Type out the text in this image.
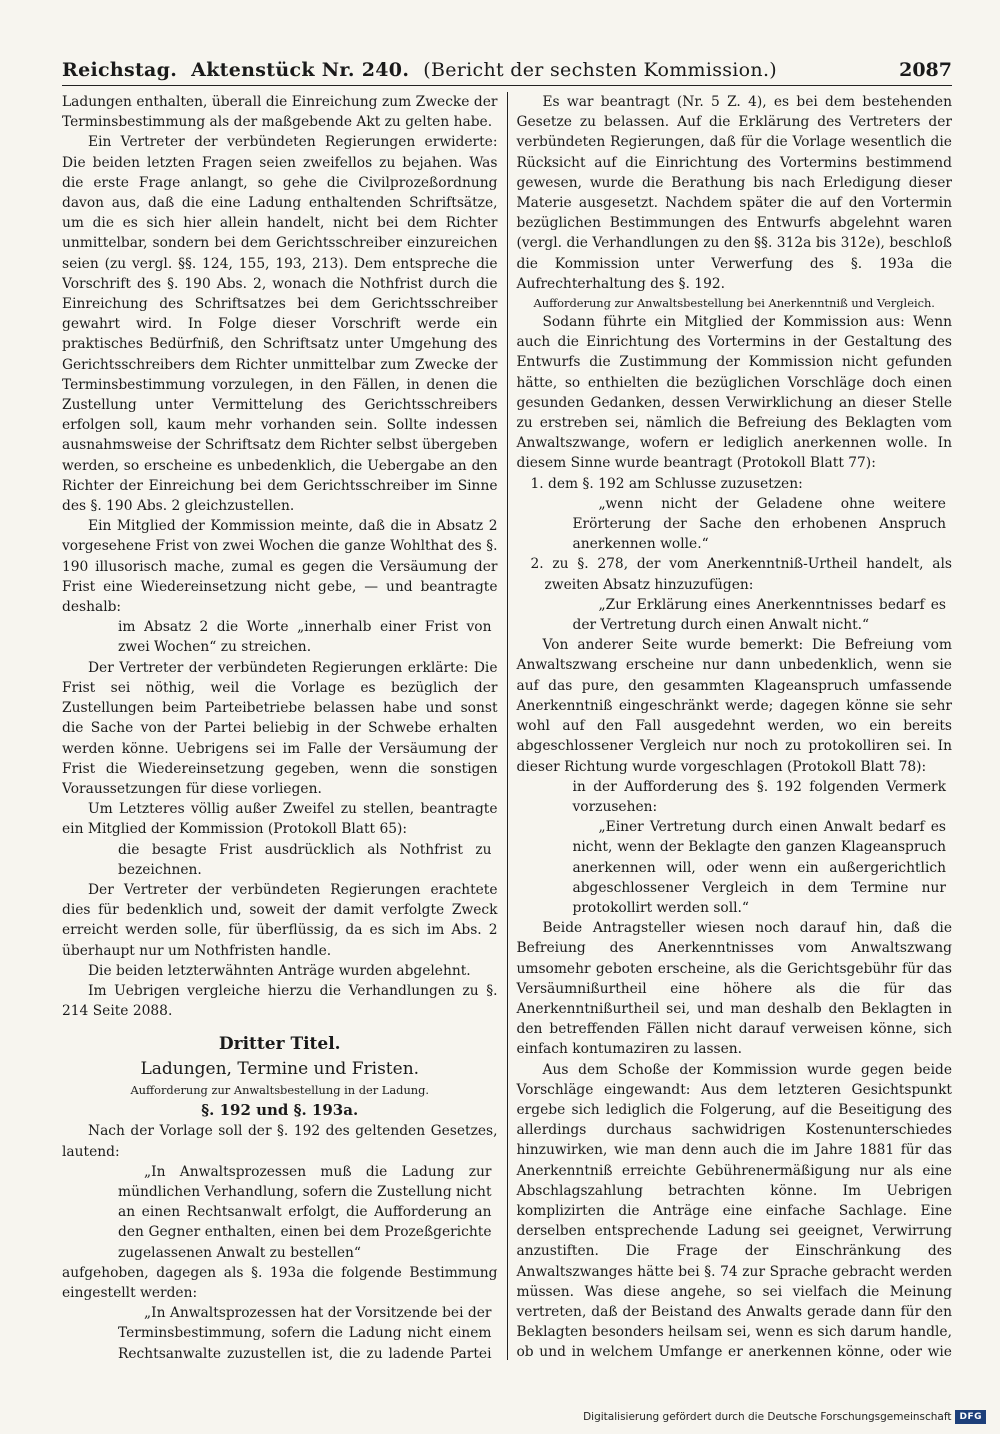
Reichstag. Aktenstück Nr. 240. (Bericht der sechsten Kommission.)	2087
Ladungen enthalten, überall die Einreichung zum Zwecke der Terminsbestimmung als der maßgebende Akt zu gelten habe.
Ein Vertreter der verbündeten Regierungen erwiderte: Die beiden letzten Fragen seien zweifellos zu bejahen. Was die erste Frage anlangt, so gehe die Civilprozeßordnung davon aus, daß die eine Ladung enthaltenden Schriftsätze, um die es sich hier allein handelt, nicht bei dem Richter unmittelbar, sondern bei dem Gerichtsschreiber einzureichen seien (zu vergl. §§. 124, 155, 193, 213). Dem entspreche die Vorschrift des §. 190 Abs. 2, wonach die Nothfrist durch die Einreichung des Schriftsatzes bei dem Gerichtsschreiber gewahrt wird. In Folge dieser Vorschrift werde ein praktisches Bedürfniß, den Schriftsatz unter Umgehung des Gerichtsschreibers dem Richter unmittelbar zum Zwecke der Terminsbestimmung vorzulegen, in den Fällen, in denen die Zustellung unter Vermittelung des Gerichtsschreibers erfolgen soll, kaum mehr vorhanden sein. Sollte indessen ausnahmsweise der Schriftsatz dem Richter selbst übergeben werden, so erscheine es unbedenklich, die Uebergabe an den Richter der Einreichung bei dem Gerichtsschreiber im Sinne des §. 190 Abs. 2 gleichzustellen.
Ein Mitglied der Kommission meinte, daß die in Absatz 2 vorgesehene Frist von zwei Wochen die ganze Wohlthat des §. 190 illusorisch mache, zumal es gegen die Versäumung der Frist eine Wiedereinsetzung nicht gebe, — und beantragte deshalb:
im Absatz 2 die Worte „innerhalb einer Frist von zwei Wochen“ zu streichen.
Der Vertreter der verbündeten Regierungen erklärte: Die Frist sei nöthig, weil die Vorlage es bezüglich der Zustellungen beim Parteibetriebe belassen habe und sonst die Sache von der Partei beliebig in der Schwebe erhalten werden könne. Uebrigens sei im Falle der Versäumung der Frist die Wiedereinsetzung gegeben, wenn die sonstigen Voraussetzungen für diese vorliegen.
Um Letzteres völlig außer Zweifel zu stellen, beantragte ein Mitglied der Kommission (Protokoll Blatt 65):
die besagte Frist ausdrücklich als Nothfrist zu bezeichnen.
Der Vertreter der verbündeten Regierungen erachtete dies für bedenklich und, soweit der damit verfolgte Zweck erreicht werden solle, für überflüssig, da es sich im Abs. 2 überhaupt nur um Nothfristen handle.
Die beiden letzterwähnten Anträge wurden abgelehnt.
Im Uebrigen vergleiche hierzu die Verhandlungen zu §. 214 Seite 2088.
Dritter Titel.
Ladungen, Termine und Fristen.
Aufforderung zur Anwaltsbestellung in der Ladung.
§. 192 und §. 193a.
Nach der Vorlage soll der §. 192 des geltenden Gesetzes, lautend:
„In Anwaltsprozessen muß die Ladung zur mündlichen Verhandlung, sofern die Zustellung nicht an einen Rechtsanwalt erfolgt, die Aufforderung an den Gegner enthalten, einen bei dem Prozeßgerichte zugelassenen Anwalt zu bestellen“
aufgehoben, dagegen als §. 193a die folgende Bestimmung eingestellt werden:
„In Anwaltsprozessen hat der Vorsitzende bei der Terminsbestimmung, sofern die Ladung nicht einem Rechtsanwalte zuzustellen ist, die zu ladende Partei
Es war beantragt (Nr. 5 Z. 4), es bei dem bestehenden Gesetze zu belassen. Auf die Erklärung des Vertreters der verbündeten Regierungen, daß für die Vorlage wesentlich die Rücksicht auf die Einrichtung des Vortermins bestimmend gewesen, wurde die Berathung bis nach Erledigung dieser Materie ausgesetzt. Nachdem später die auf den Vortermin bezüglichen Bestimmungen des Entwurfs abgelehnt waren (vergl. die Verhandlungen zu den §§. 312a bis 312e), beschloß die Kommission unter Verwerfung des §. 193a die Aufrechterhaltung des §. 192.
Aufforderung zur Anwaltsbestellung bei Anerkenntniß und Vergleich.
Sodann führte ein Mitglied der Kommission aus: Wenn auch die Einrichtung des Vortermins in der Gestaltung des Entwurfs die Zustimmung der Kommission nicht gefunden hätte, so enthielten die bezüglichen Vorschläge doch einen gesunden Gedanken, dessen Verwirklichung an dieser Stelle zu erstreben sei, nämlich die Befreiung des Beklagten vom Anwaltszwange, wofern er lediglich anerkennen wolle. In diesem Sinne wurde beantragt (Protokoll Blatt 77):
1. dem §. 192 am Schlusse zuzusetzen:
„wenn nicht der Geladene ohne weitere Erörterung der Sache den erhobenen Anspruch anerkennen wolle.“
2. zu §. 278, der vom Anerkenntniß-Urtheil handelt, als zweiten Absatz hinzuzufügen:
„Zur Erklärung eines Anerkenntnisses bedarf es der Vertretung durch einen Anwalt nicht.“
Von anderer Seite wurde bemerkt: Die Befreiung vom Anwaltszwang erscheine nur dann unbedenklich, wenn sie auf das pure, den gesammten Klageanspruch umfassende Anerkenntniß eingeschränkt werde; dagegen könne sie sehr wohl auf den Fall ausgedehnt werden, wo ein bereits abgeschlossener Vergleich nur noch zu protokolliren sei. In dieser Richtung wurde vorgeschlagen (Protokoll Blatt 78):
in der Aufforderung des §. 192 folgenden Vermerk vorzusehen:
„Einer Vertretung durch einen Anwalt bedarf es nicht, wenn der Beklagte den ganzen Klageanspruch anerkennen will, oder wenn ein außergerichtlich abgeschlossener Vergleich in dem Termine nur protokollirt werden soll.“
Beide Antragsteller wiesen noch darauf hin, daß die Befreiung des Anerkenntnisses vom Anwaltszwang umsomehr geboten erscheine, als die Gerichtsgebühr für das Versäumnißurtheil eine höhere als die für das Anerkenntnißurtheil sei, und man deshalb den Beklagten in den betreffenden Fällen nicht darauf verweisen könne, sich einfach kontumaziren zu lassen.
Aus dem Schoße der Kommission wurde gegen beide Vorschläge eingewandt: Aus dem letzteren Gesichtspunkt ergebe sich lediglich die Folgerung, auf die Beseitigung des allerdings durchaus sachwidrigen Kostenunterschiedes hinzuwirken, wie man denn auch die im Jahre 1881 für das Anerkenntniß erreichte Gebührenermäßigung nur als eine Abschlagszahlung betrachten könne. Im Uebrigen komplizirten die Anträge eine einfache Sachlage. Eine derselben entsprechende Ladung sei geeignet, Verwirrung anzustiften. Die Frage der Einschränkung des Anwaltszwanges hätte bei §. 74 zur Sprache gebracht werden müssen. Was diese angehe, so sei vielfach die Meinung vertreten, daß der Beistand des Anwalts gerade dann für den Beklagten besonders heilsam sei, wenn es sich darum handle, ob und in welchem Umfange er anerkennen könne, oder wie
Digitalisierung gefördert durch die Deutsche Forschungsgemeinschaft DFG
